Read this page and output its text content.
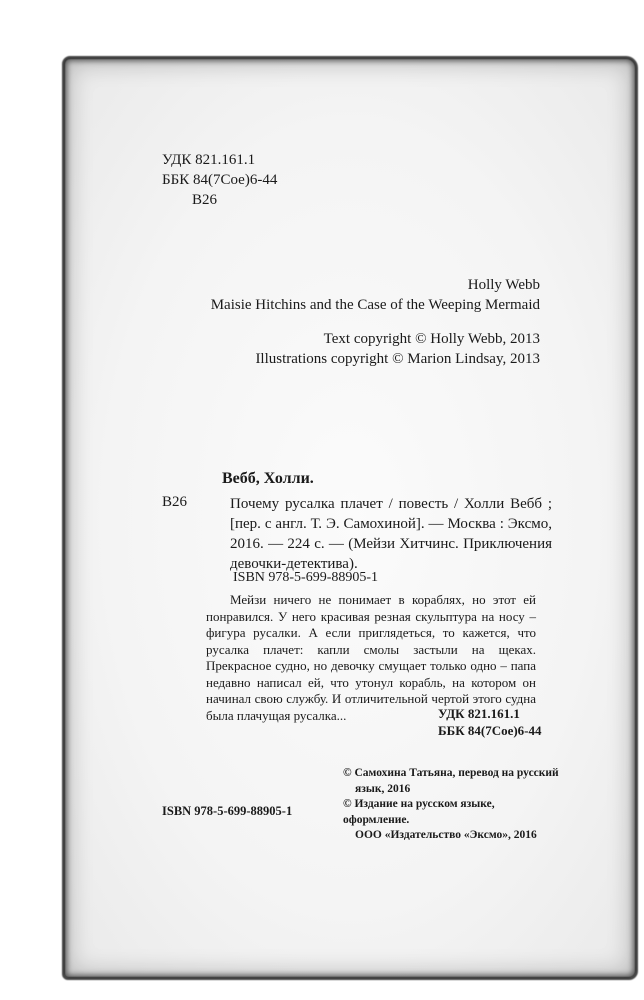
УДК 821.161.1
ББК 84(7Сое)6-44
В26
Holly Webb
Maisie Hitchins and the Case of the Weeping Mermaid
Text copyright © Holly Webb, 2013
Illustrations copyright © Marion Lindsay, 2013
Вебб, Холли.
В26	Почему русалка плачет / повесть / Холли Вебб ; [пер. с англ. Т. Э. Самохиной]. — Москва : Эксмо, 2016. — 224 с. — (Мейзи Хитчинс. Приключения девочки-детектива).
ISBN 978-5-699-88905-1

Мейзи ничего не понимает в кораблях, но этот ей понравился. У него красивая резная скульптура на носу – фигура русалки. А если приглядеться, то кажется, что русалка плачет: капли смолы застыли на щеках. Прекрасное судно, но девочку смущает только одно – папа недавно написал ей, что утонул корабль, на котором он начинал свою службу. И отличительной чертой этого судна была плачущая русалка...	УДК 821.161.1
ББК 84(7Сое)6-44
© Самохина Татьяна, перевод на русский
язык, 2016
© Издание на русском языке, оформление.
ООО «Издательство «Эксмо», 2016
ISBN 978-5-699-88905-1
